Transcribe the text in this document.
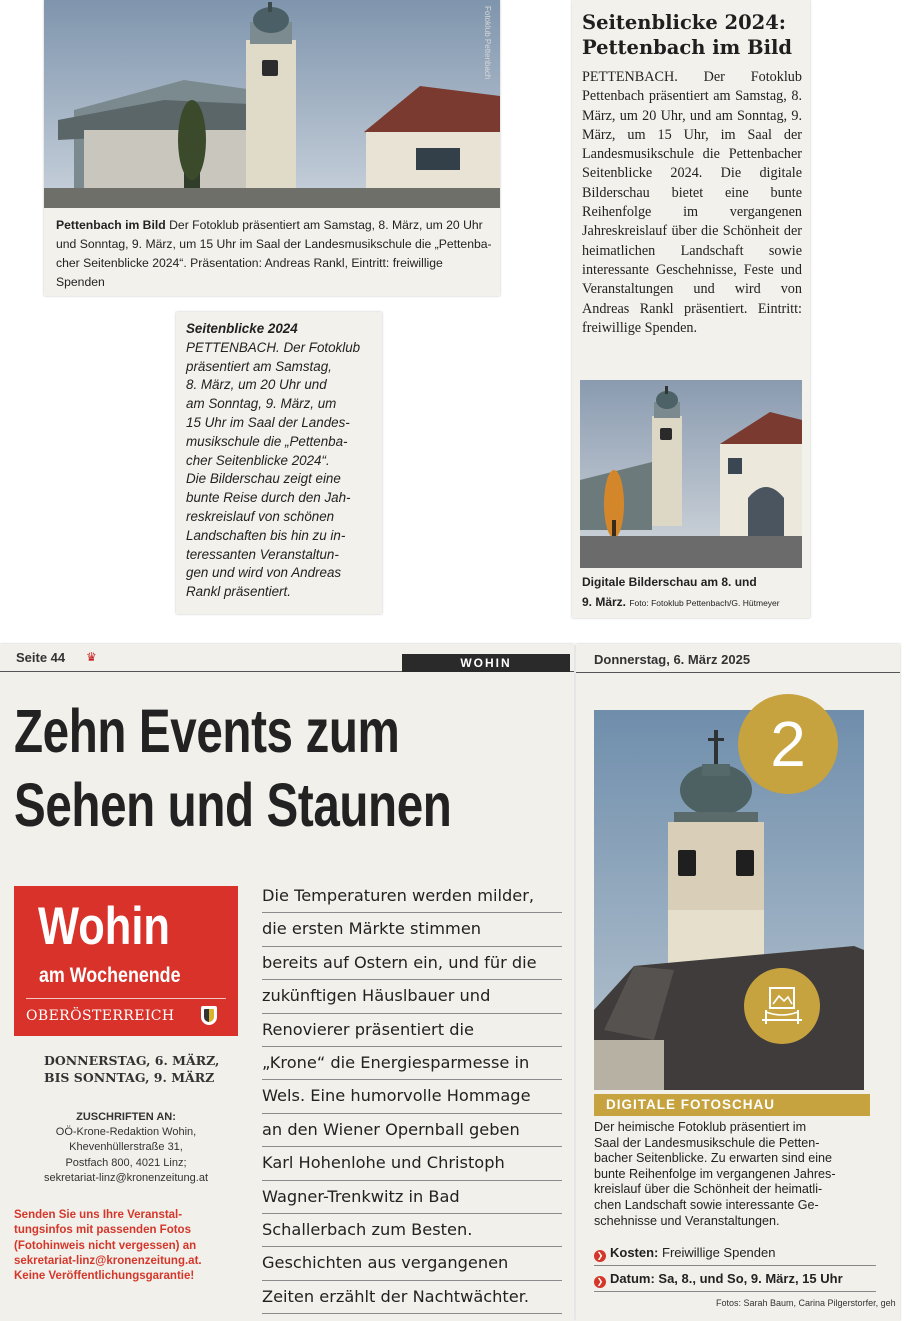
Fotoklub Pettenbach
Pettenbach im Bild Der Fotoklub präsentiert am Samstag, 8. März, um 20 Uhr
und Sonntag, 9. März, um 15 Uhr im Saal der Landesmusikschule die „Pettenba-
cher Seitenblicke 2024“. Präsentation: Andreas Rankl, Eintritt: freiwillige Spenden
Seitenblicke 2024
PETTENBACH. Der Fotoklub
präsentiert am Samstag,
8. März, um 20 Uhr und
am Sonntag, 9. März, um
15 Uhr im Saal der Landes-
musikschule die „Pettenba-
cher Seitenblicke 2024“.
Die Bilderschau zeigt eine
bunte Reise durch den Jah-
reskreislauf von schönen
Landschaften bis hin zu in-
teressanten Veranstaltun-
gen und wird von Andreas
Rankl präsentiert.
Seitenblicke 2024:
Pettenbach im Bild
PETTENBACH. Der Fotoklub Pettenbach präsentiert am Samstag, 8. März, um 20 Uhr, und am Sonntag, 9. März, um 15 Uhr, im Saal der Landesmusikschule die Pettenbacher Seitenblicke 2024. Die digitale Bilderschau bietet eine bunte Reihenfolge im vergangenen Jahreskreislauf über die Schönheit der heimatlichen Landschaft sowie interessante Geschehnisse, Feste und Veranstaltungen und wird von Andreas Rankl präsentiert. Eintritt: freiwillige Spenden.
Digitale Bilderschau am 8. und
9. März. Foto: Fotoklub Pettenbach/G. Hütmeyer
Seite 44 ♛	WOHIN
Zehn Events zum
Sehen und Staunen
Wohin
am Wochenende
OBERÖSTERREICH
DONNERSTAG, 6. MÄRZ,
BIS SONNTAG, 9. MÄRZ
ZUSCHRIFTEN AN:
OÖ-Krone-Redaktion Wohin,
Khevenhüllerstraße 31,
Postfach 800, 4021 Linz;
sekretariat-linz@kronenzeitung.at
Senden Sie uns Ihre Veranstal-
tungsinfos mit passenden Fotos
(Fotohinweis nicht vergessen) an
sekretariat-linz@kronenzeitung.at.
Keine Veröffentlichungsgarantie!
Die Temperaturen werden milder,
die ersten Märkte stimmen
bereits auf Ostern ein, und für die
zukünftigen Häuslbauer und
Renovierer präsentiert die
„Krone“ die Energiesparmesse in
Wels. Eine humorvolle Hommage
an den Wiener Opernball geben
Karl Hohenlohe und Christoph
Wagner-Trenkwitz in Bad
Schallerbach zum Besten.
Geschichten aus vergangenen
Zeiten erzählt der Nachtwächter.
Donnerstag, 6. März 2025
2
DIGITALE FOTOSCHAU
Der heimische Fotoklub präsentiert im
Saal der Landesmusikschule die Petten-
bacher Seitenblicke. Zu erwarten sind eine
bunte Reihenfolge im vergangenen Jahres-
kreislauf über die Schönheit der heimatli-
chen Landschaft sowie interessante Ge-
schehnisse und Veranstaltungen.
❯ Kosten: Freiwillige Spenden
❯ Datum: Sa, 8., und So, 9. März, 15 Uhr
Fotos: Sarah Baum, Carina Pilgerstorfer, geh
